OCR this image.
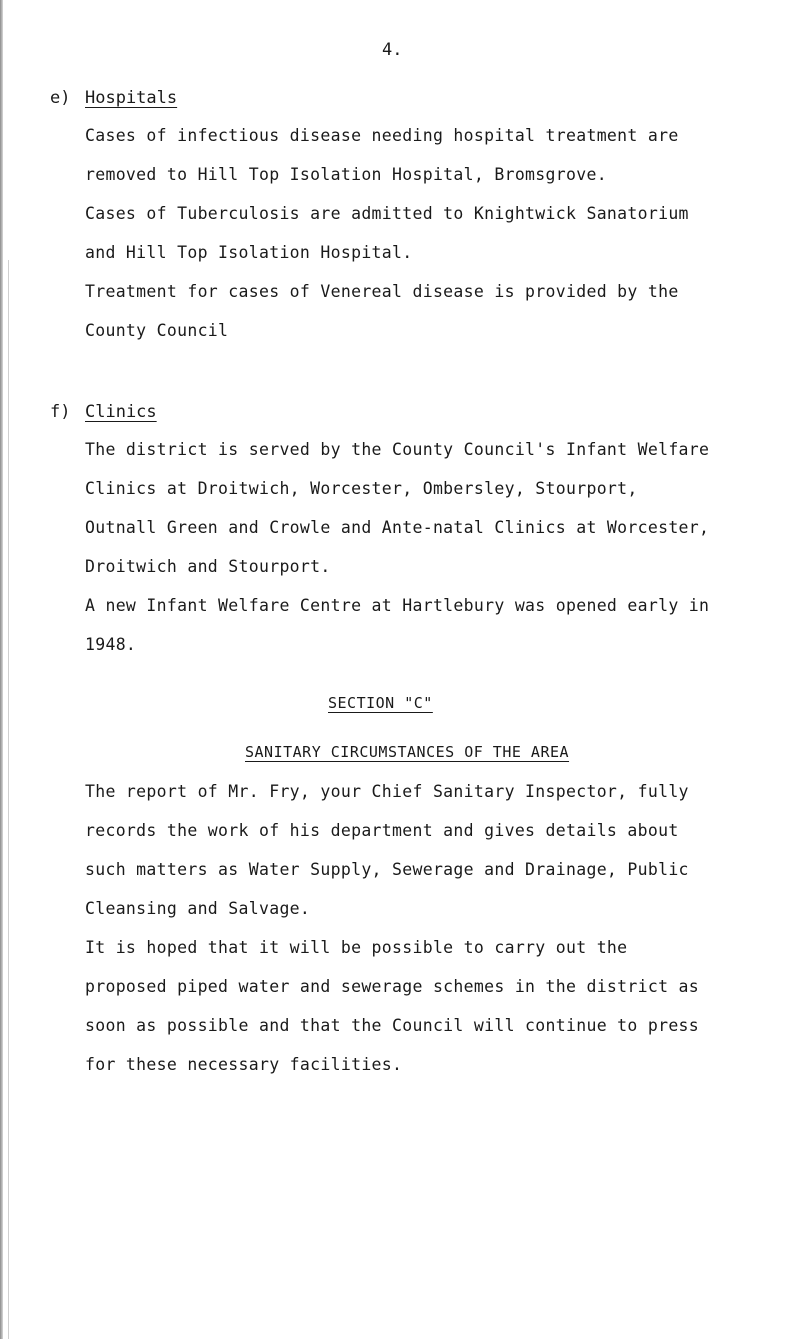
4.
e) Hospitals
Cases of infectious disease needing hospital treatment are
removed to Hill Top Isolation Hospital, Bromsgrove.
Cases of Tuberculosis are admitted to Knightwick Sanatorium
and Hill Top Isolation Hospital.
Treatment for cases of Venereal disease is provided by the
County Council
f) Clinics
The district is served by the County Council's Infant Welfare
Clinics at Droitwich, Worcester, Ombersley, Stourport,
Outnall Green and Crowle and Ante-natal Clinics at Worcester,
Droitwich and Stourport.
A new Infant Welfare Centre at Hartlebury was opened early in
1948.
SECTION "C"
SANITARY CIRCUMSTANCES OF THE AREA
The report of Mr. Fry, your Chief Sanitary Inspector, fully
records the work of his department and gives details about
such matters as Water Supply, Sewerage and Drainage, Public
Cleansing and Salvage.
It is hoped that it will be possible to carry out the
proposed piped water and sewerage schemes in the district as
soon as possible and that the Council will continue to press
for these necessary facilities.
